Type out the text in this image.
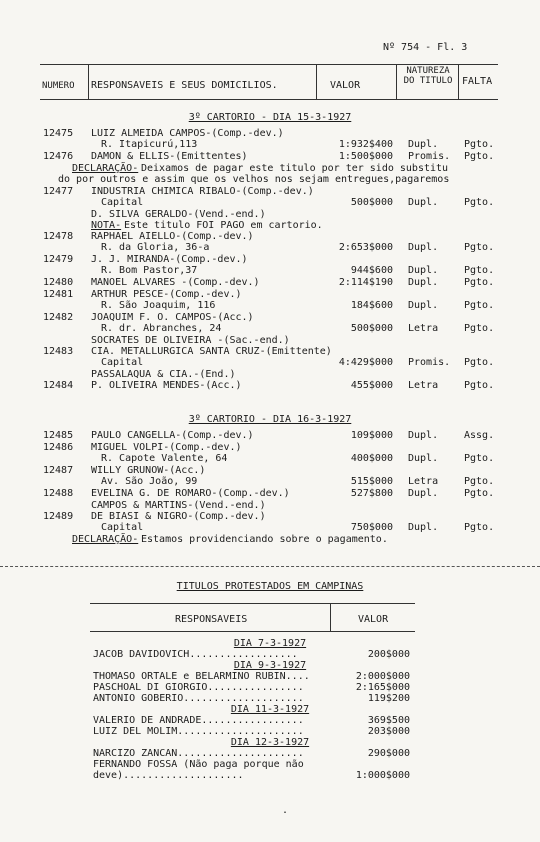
Nº 754 - Fl. 3
NUMERO RESPONSAVEIS E SEUS DOMICILIOS.	VALOR
NATUREZA DO TITULO FALTA
3º CARTORIO - DIA 15-3-1927
12475 LUIZ ALMEIDA CAMPOS-(Comp.-dev.)
R. Itapicurú,113	1:932$400 Dupl.	Pgto.
12476 DAMON & ELLIS-(Emittentes)	1:500$000 Promis. Pgto.
DECLARAÇÃO- Deixamos de pagar este titulo por ter sido substitu
do por outros e assim que os velhos nos sejam entregues,pagaremos
12477 INDUSTRIA CHIMICA RIBALO-(Comp.-dev.)
Capital	500$000 Dupl.	Pgto.
D. SILVA GERALDO-(Vend.-end.)
NOTA- Este titulo FOI PAGO em cartorio.
12478 RAPHAEL AIELLO-(Comp.-dev.)
R. da Gloria, 36-a	2:653$000 Dupl.	Pgto.
12479 J. J. MIRANDA-(Comp.-dev.)
R. Bom Pastor,37	944$600 Dupl.	Pgto.
12480 MANOEL ALVARES -(Comp.-dev.)	2:114$190 Dupl.	Pgto.
12481 ARTHUR PESCE-(Comp.-dev.)
R. São Joaquim, 116	184$600 Dupl.	Pgto.
12482 JOAQUIM F. O. CAMPOS-(Acc.)
R. dr. Abranches, 24	500$000 Letra	Pgto.
SOCRATES DE OLIVEIRA -(Sac.-end.)
12483 CIA. METALLURGICA SANTA CRUZ-(Emittente)
Capital	4:429$000 Promis. Pgto.
PASSALAQUA & CIA.-(End.)
12484 P. OLIVEIRA MENDES-(Acc.)	455$000 Letra	Pgto.
3º CARTORIO - DIA 16-3-1927
12485 PAULO CANGELLA-(Comp.-dev.)	109$000 Dupl.	Assg.
12486 MIGUEL VOLPI-(Comp.-dev.)
R. Capote Valente, 64	400$000 Dupl.	Pgto.
12487 WILLY GRUNOW-(Acc.)
Av. São João, 99	515$000 Letra	Pgto.
12488 EVELINA G. DE ROMARO-(Comp.-dev.)	527$800 Dupl.	Pgto.
CAMPOS & MARTINS-(Vend.-end.)
12489 DE BIASI & NIGRO-(Comp.-dev.)
Capital	750$000 Dupl.	Pgto.
DECLARAÇÃO- Estamos providenciando sobre o pagamento.
TITULOS PROTESTADOS EM CAMPINAS
RESPONSAVEIS	VALOR
DIA 7-3-1927
JACOB DAVIDOVICH..................	200$000
DIA 9-3-1927
THOMASO ORTALE e BELARMINO RUBIN....	2:000$000
PASCHOAL DI GIORGIO................	2:165$000
ANTONIO GOBERIO....................	119$200
DIA 11-3-1927
VALERIO DE ANDRADE.................	369$500
LUIZ DEL MOLIM.....................	203$000
DIA 12-3-1927
NARCIZO ZANCAN.....................	290$000
FERNANDO FOSSA (Não paga porque não
deve)....................	1:000$000
.
